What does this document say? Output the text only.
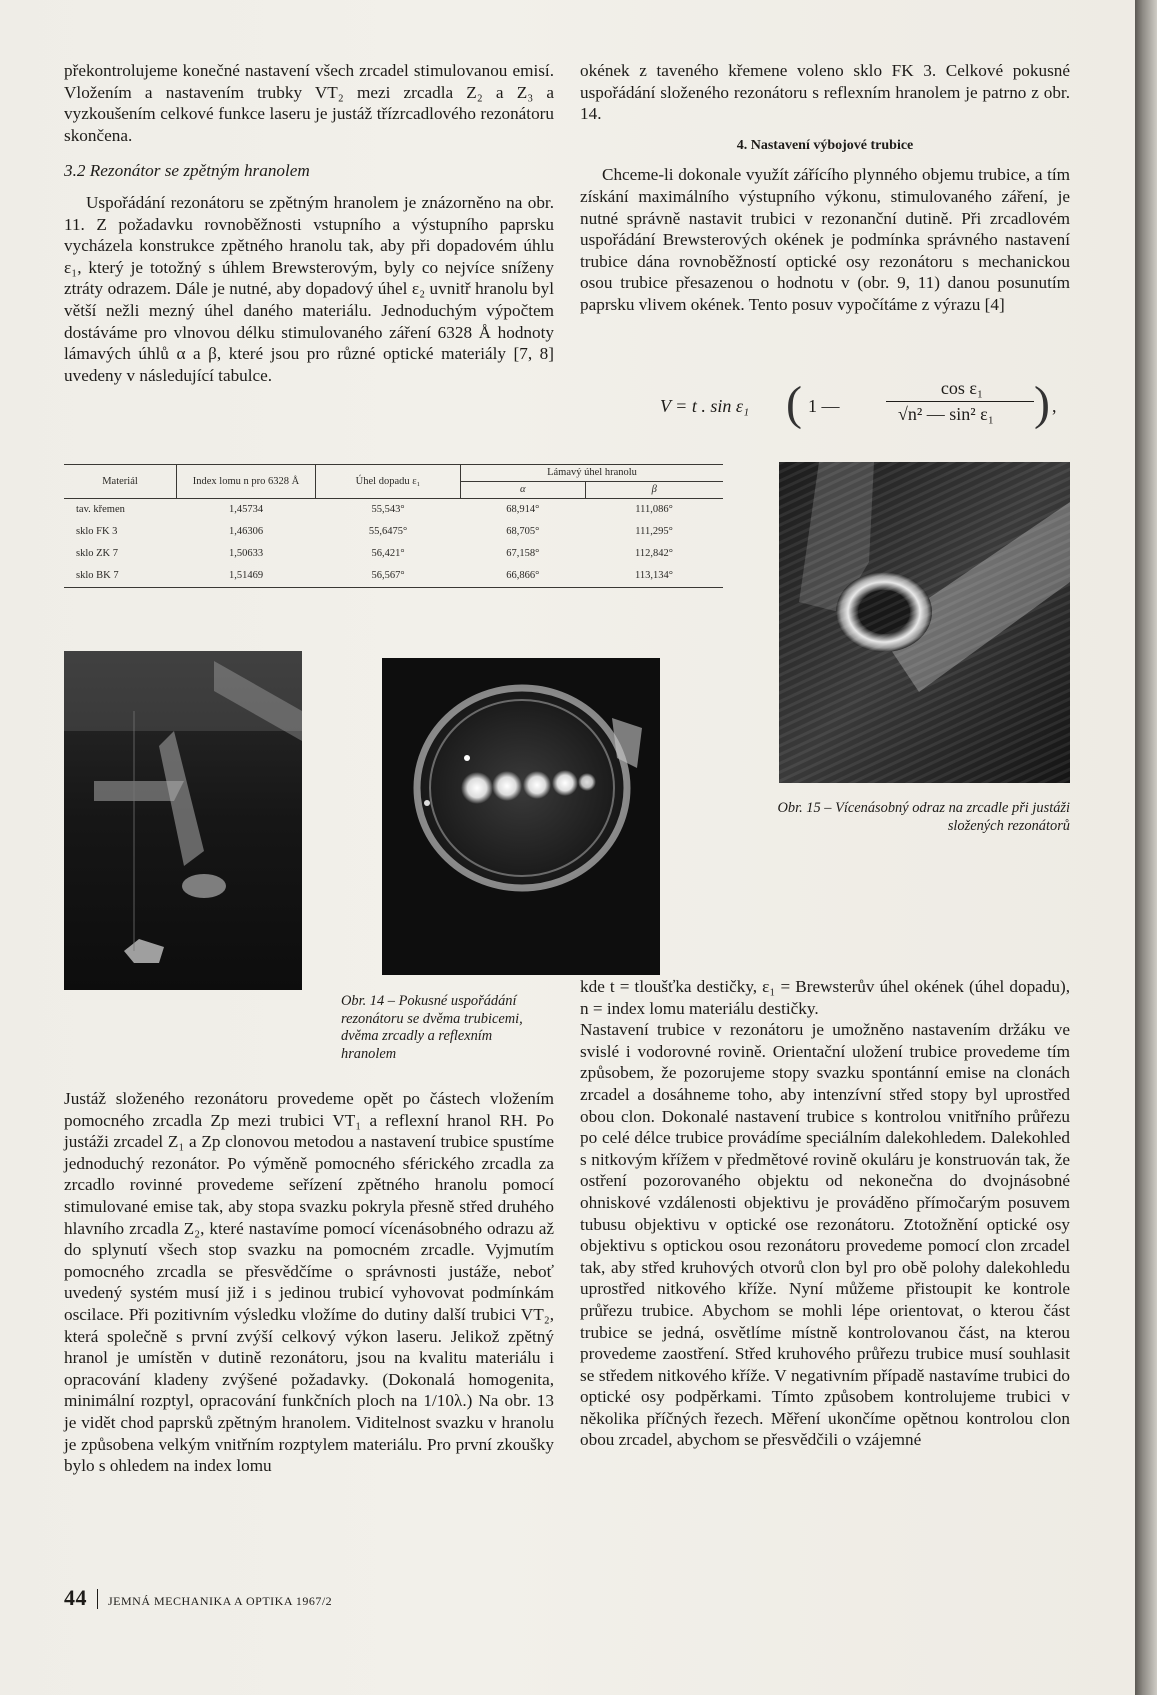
překontrolujeme konečné nastavení všech zrcadel stimulovanou emisí. Vložením a nastavením trubky VT₂ mezi zrcadla Z₂ a Z₃ a vyzkoušením celkové funkce laseru je justáž třízrcadlového rezonátoru skončena.

3.2 Rezonátor se zpětným hranolem

Uspořádání rezonátoru se zpětným hranolem je znázorněno na obr. 11. Z požadavku rovnoběžnosti vstupního a výstupního paprsku vycházela konstrukce zpětného hranolu tak, aby při dopadovém úhlu ε₁, který je totožný s úhlem Brewsterovým, byly co nejvíce sníženy ztráty odrazem. Dále je nutné, aby dopadový úhel ε₂ uvnitř hranolu byl větší nežli mezný úhel daného materiálu. Jednoduchým výpočtem dostáváme pro vlnovou délku stimulovaného záření 6328 Å hodnoty lámavých úhlů α a β, které jsou pro různé optické materiály [7, 8] uvedeny v následující tabulce.

okének z taveného křemene voleno sklo FK 3. Celkové pokusné uspořádání složeného rezonátoru s reflexním hranolem je patrno z obr. 14.

4. Nastavení výbojové trubice

Chceme-li dokonale využít zářícího plynného objemu trubice, a tím získání maximálního výstupního výkonu, stimulovaného záření, je nutné správně nastavit trubici v rezonanční dutině. Při zrcadlovém uspořádání Brewsterových okének je podmínka správného nastavení trubice dána rovnoběžností optické osy rezonátoru s mechanickou osou trubice přesazenou o hodnotu v (obr. 9, 11) danou posunutím paprsku vlivem okének. Tento posuv vypočítáme z výrazu [4]

V = t . sin ε₁ ( 1 —
cos ε₁
√n² — sin² ε₁ ) ,
Materiál	Index lomu n pro 6328 Å	Úhel dopadu ε₁	Lámavý úhel hranolu	
			α	β
tav. křemen	1,45734	55,543°	68,914°	111,086°
sklo FK 3	1,46306	55,6475°	68,705°	111,295°
sklo ZK 7	1,50633	56,421°	67,158°	112,842°
sklo BK 7	1,51469	56,567°	66,866°	113,134°
Obr. 15 – Vícenásobný odraz na zrcadle při justáži složených rezonátorů
Obr. 14 – Pokusné uspořádání rezonátoru se dvěma trubicemi, dvěma zrcadly a reflexním hranolem

Justáž složeného rezonátoru provedeme opět po částech vložením pomocného zrcadla Zp mezi trubici VT₁ a reflexní hranol RH. Po justáži zrcadel Z₁ a Zp clonovou metodou a nastavení trubice spustíme jednoduchý rezonátor. Po výměně pomocného sférického zrcadla za zrcadlo rovinné provedeme seřízení zpětného hranolu pomocí stimulované emise tak, aby stopa svazku pokryla přesně střed druhého hlavního zrcadla Z₂, které nastavíme pomocí vícenásobného odrazu až do splynutí všech stop svazku na pomocném zrcadle. Vyjmutím pomocného zrcadla se přesvědčíme o správnosti justáže, neboť uvedený systém musí již i s jedinou trubicí vyhovovat podmínkám oscilace. Při pozitivním výsledku vložíme do dutiny další trubici VT₂, která společně s první zvýší celkový výkon laseru. Jelikož zpětný hranol je umístěn v dutině rezonátoru, jsou na kvalitu materiálu i opracování kladeny zvýšené požadavky. (Dokonalá homogenita, minimální rozptyl, opracování funkčních ploch na 1/10λ.) Na obr. 13 je vidět chod paprsků zpětným hranolem. Viditelnost svazku v hranolu je způsobena velkým vnitřním rozptylem materiálu. Pro první zkoušky bylo s ohledem na index lomu

kde t = tloušťka destičky, ε₁ = Brewsterův úhel okének (úhel dopadu), n = index lomu materiálu destičky.

Nastavení trubice v rezonátoru je umožněno nastavením držáku ve svislé i vodorovné rovině. Orientační uložení trubice provedeme tím způsobem, že pozorujeme stopy svazku spontánní emise na clonách zrcadel a dosáhneme toho, aby intenzívní střed stopy byl uprostřed obou clon. Dokonalé nastavení trubice s kontrolou vnitřního průřezu po celé délce trubice provádíme speciálním dalekohledem. Dalekohled s nitkovým křížem v předmětové rovině okuláru je konstruován tak, že ostření pozorovaného objektu od nekonečna do dvojnásobné ohniskové vzdálenosti objektivu je prováděno přímočarým posuvem tubusu objektivu v optické ose rezonátoru. Ztotožnění optické osy objektivu s optickou osou rezonátoru provedeme pomocí clon zrcadel tak, aby střed kruhových otvorů clon byl pro obě polohy dalekohledu uprostřed nitkového kříže. Nyní můžeme přistoupit ke kontrole průřezu trubice. Abychom se mohli lépe orientovat, o kterou část trubice se jedná, osvětlíme místně kontrolovanou část, na kterou provedeme zaostření. Střed kruhového průřezu trubice musí souhlasit se středem nitkového kříže. V negativním případě nastavíme trubici do optické osy podpěrkami. Tímto způsobem kontrolujeme trubici v několika příčných řezech. Měření ukončíme opětnou kontrolou clon obou zrcadel, abychom se přesvědčili o vzájemné

44 JEMNÁ MECHANIKA A OPTIKA 1967/2
